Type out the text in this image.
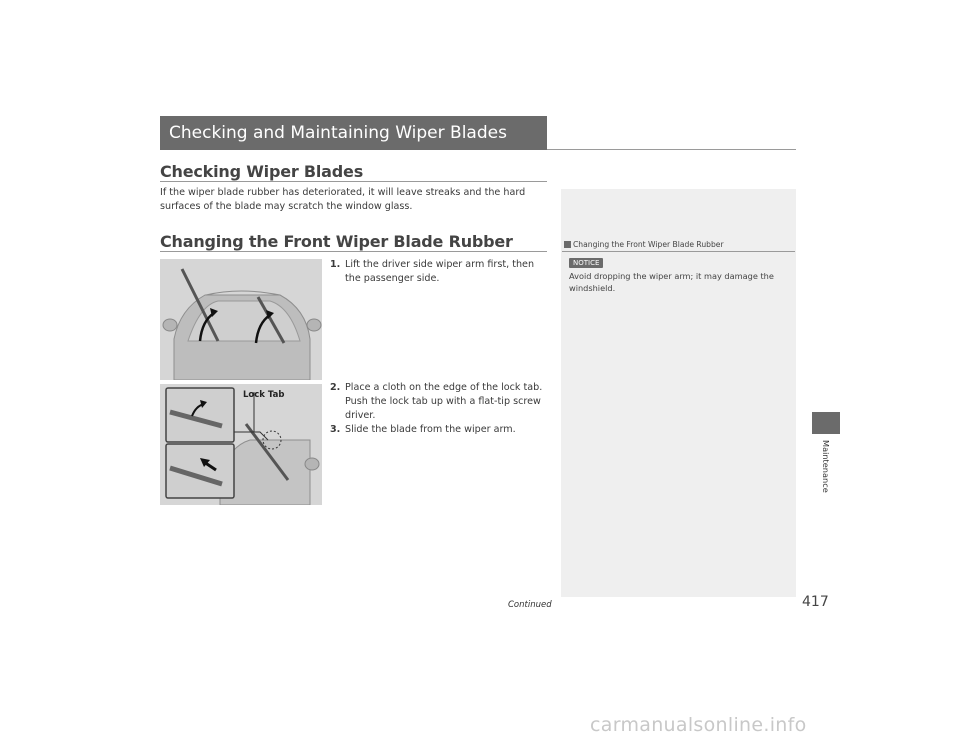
Checking and Maintaining Wiper Blades
Checking Wiper Blades
If the wiper blade rubber has deteriorated, it will leave streaks and the hard surfaces of the blade may scratch the window glass.
Changing the Front Wiper Blade Rubber
Lock Tab
1. Lift the driver side wiper arm first, then the passenger side.
2. Place a cloth on the edge of the lock tab. Push the lock tab up with a flat-tip screw driver.
3. Slide the blade from the wiper arm.
Changing the Front Wiper Blade Rubber
NOTICE
Avoid dropping the wiper arm; it may damage the windshield.
Maintenance
Continued	417
carmanualsonline.info
